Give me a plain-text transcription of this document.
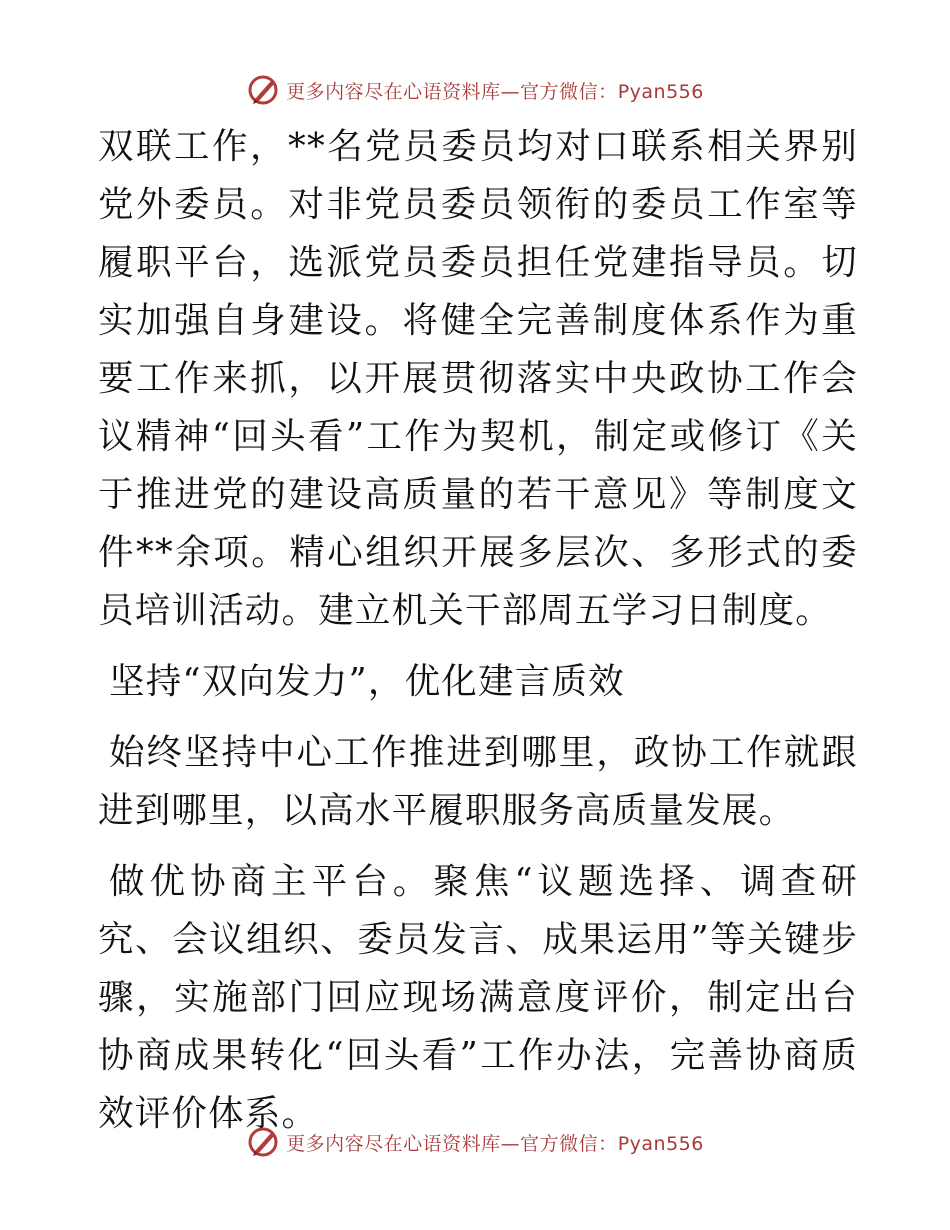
更多内容尽在心语资料库—官方微信：Pyan556

双联工作，**名党员委员均对口联系相关界别党外委员。对非党员委员领衔的委员工作室等履职平台，选派党员委员担任党建指导员。切实加强自身建设。将健全完善制度体系作为重要工作来抓，以开展贯彻落实中央政协工作会议精神“回头看”工作为契机，制定或修订《关于推进党的建设高质量的若干意见》等制度文件**余项。精心组织开展多层次、多形式的委员培训活动。建立机关干部周五学习日制度。

坚持“双向发力”，优化建言质效

始终坚持中心工作推进到哪里，政协工作就跟进到哪里，以高水平履职服务高质量发展。

做优协商主平台。聚焦“议题选择、调查研究、会议组织、委员发言、成果运用”等关键步骤，实施部门回应现场满意度评价，制定出台协商成果转化“回头看”工作办法，完善协商质效评价体系。

更多内容尽在心语资料库—官方微信：Pyan556
